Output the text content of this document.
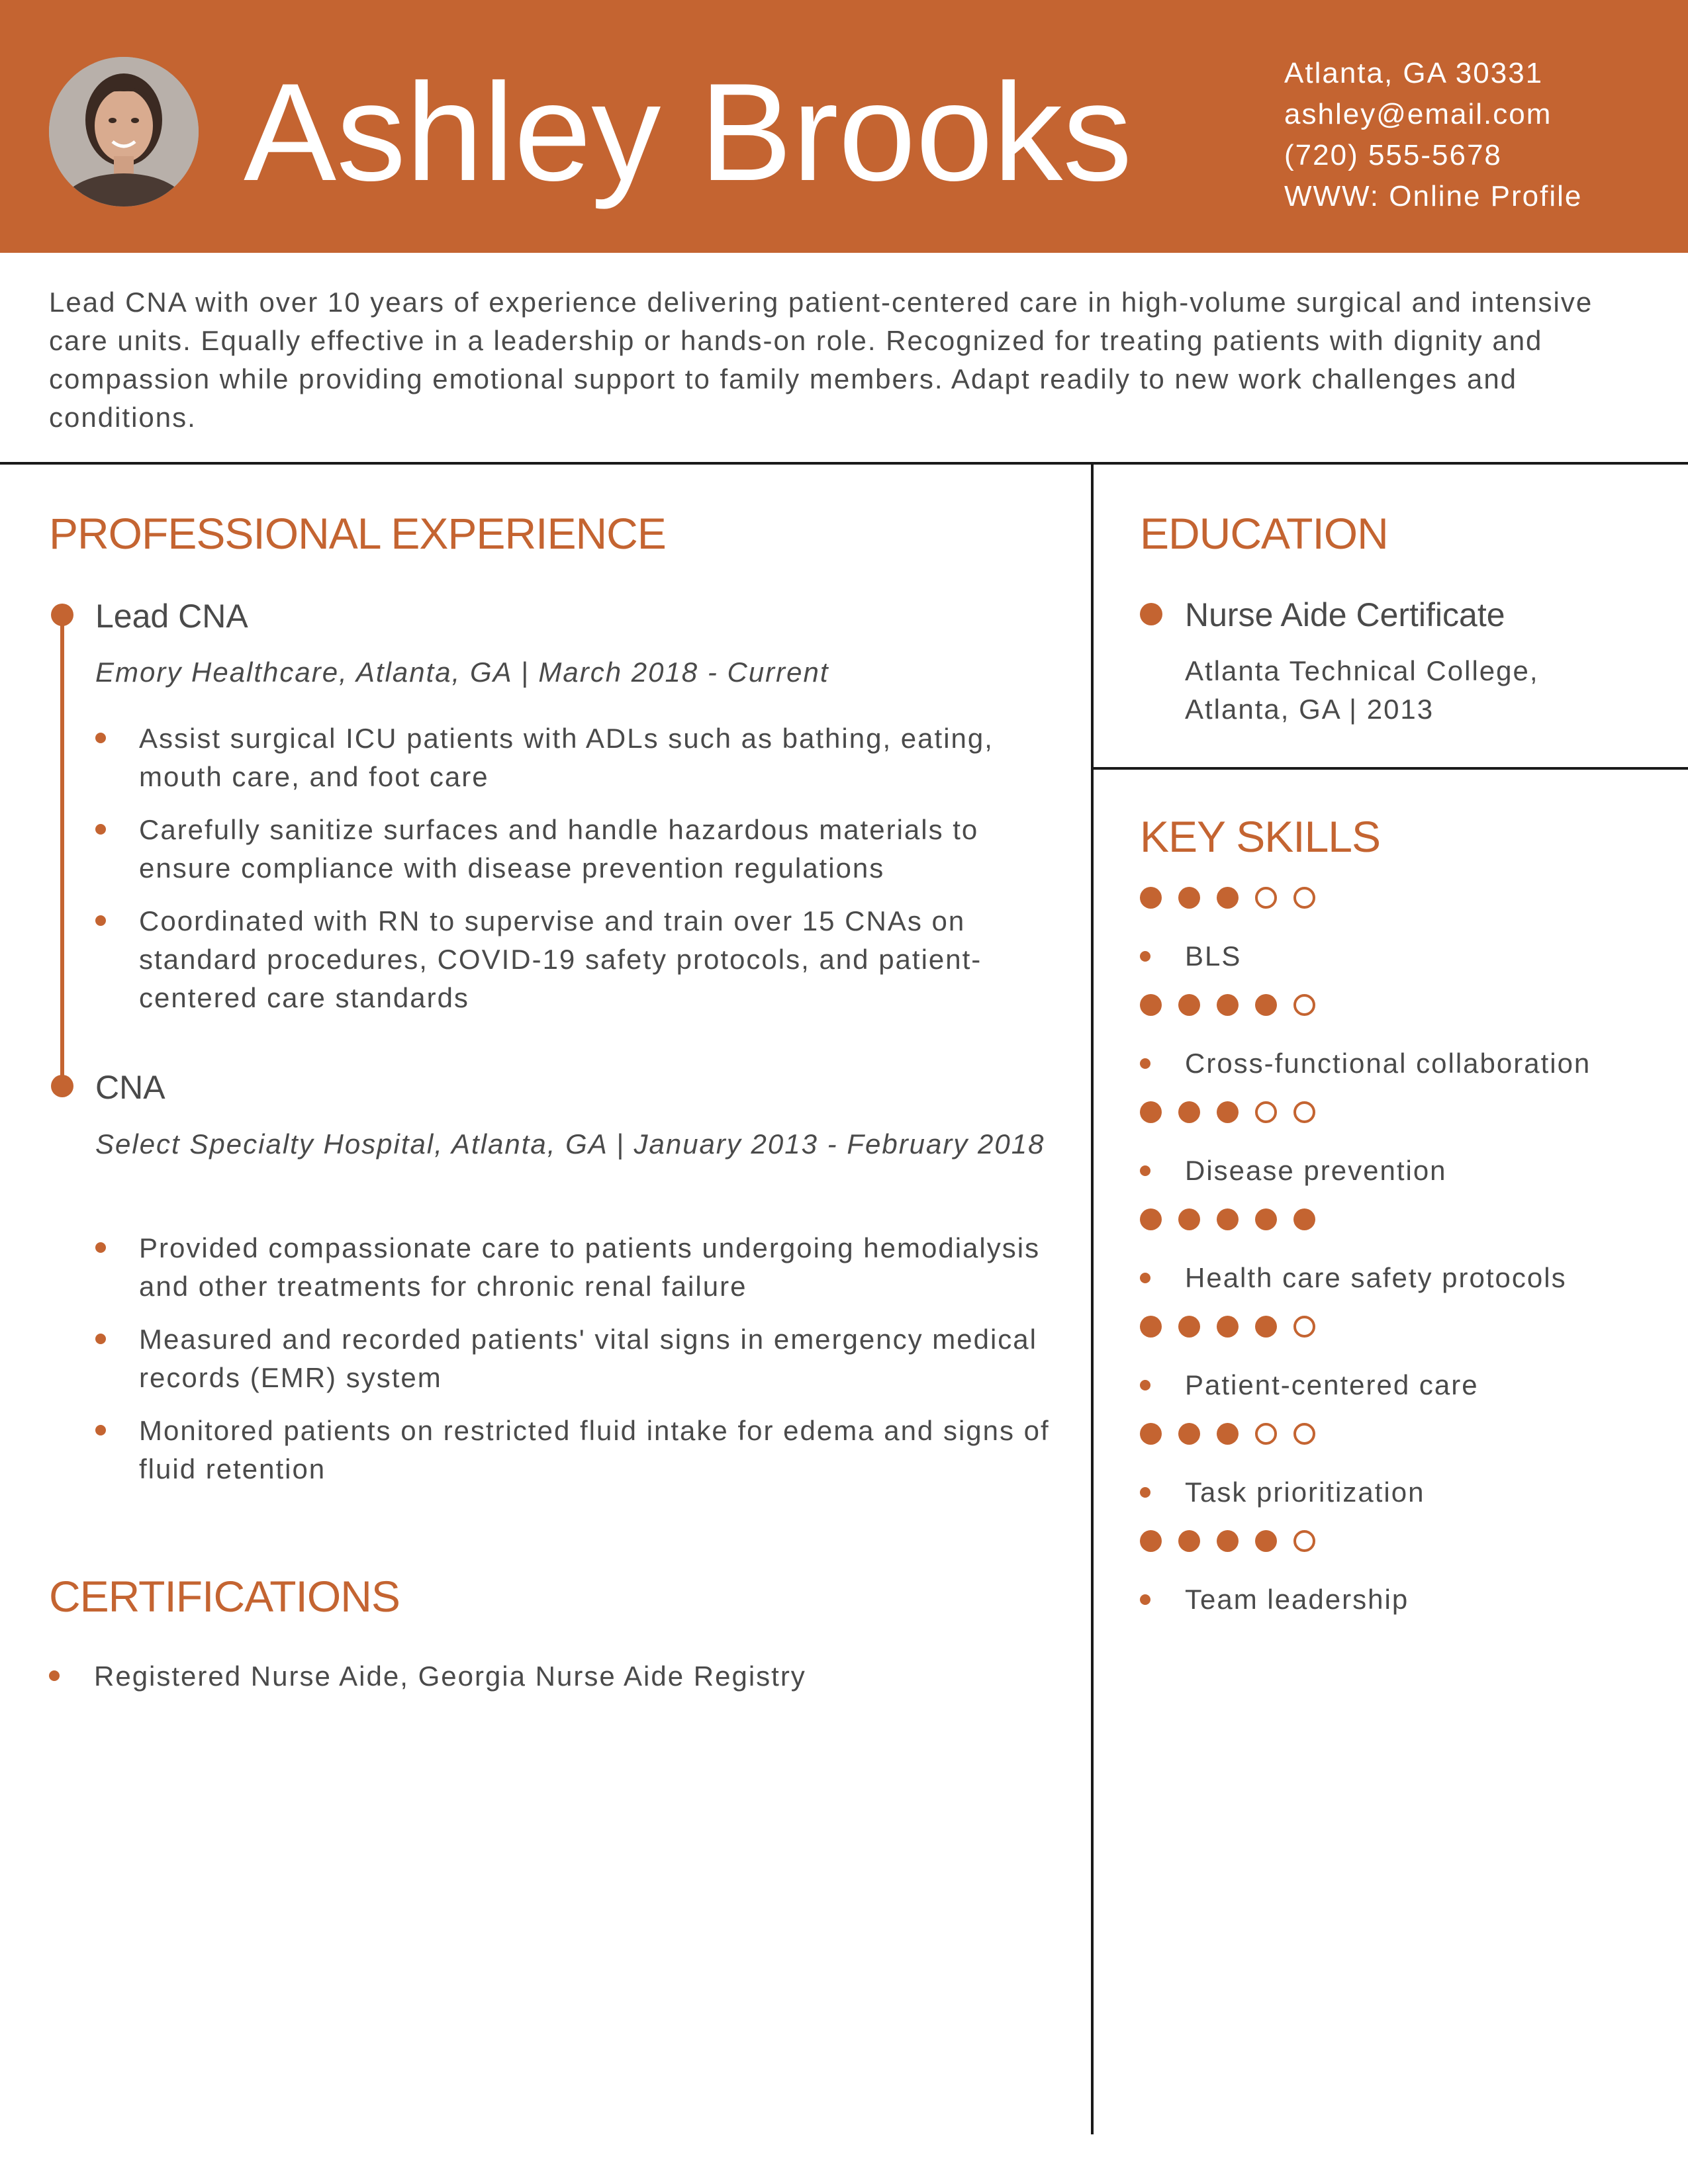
Ashley Brooks	Atlanta, GA 30331
ashley@email.com
(720) 555-5678
WWW: Online Profile
Lead CNA with over 10 years of experience delivering patient-centered care in high-volume surgical and intensive care units. Equally effective in a leadership or hands-on role. Recognized for treating patients with dignity and compassion while providing emotional support to family members. Adapt readily to new work challenges and conditions.
PROFESSIONAL EXPERIENCE
Lead CNA
Emory Healthcare, Atlanta, GA | March 2018 - Current
Assist surgical ICU patients with ADLs such as bathing, eating, mouth care, and foot care
Carefully sanitize surfaces and handle hazardous materials to ensure compliance with disease prevention regulations
Coordinated with RN to supervise and train over 15 CNAs on standard procedures, COVID-19 safety protocols, and patient-centered care standards
CNA
Select Specialty Hospital, Atlanta, GA | January 2013 - February 2018
Provided compassionate care to patients undergoing hemodialysis and other treatments for chronic renal failure
Measured and recorded patients' vital signs in emergency medical records (EMR) system
Monitored patients on restricted fluid intake for edema and signs of fluid retention
CERTIFICATIONS
Registered Nurse Aide, Georgia Nurse Aide Registry
EDUCATION
Nurse Aide Certificate
Atlanta Technical College, Atlanta, GA | 2013
KEY SKILLS
BLS
Cross-functional collaboration
Disease prevention
Health care safety protocols
Patient-centered care
Task prioritization
Team leadership
